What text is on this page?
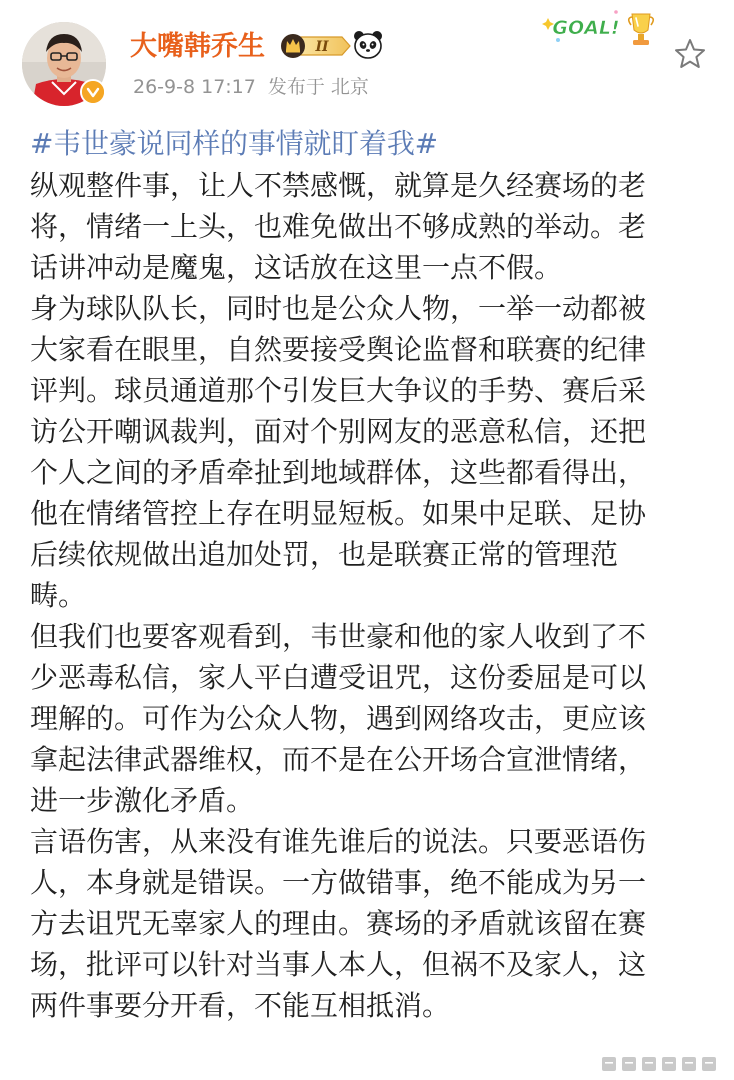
大嘴韩乔生	II
26-9-8 17:17 发布于 北京
GOAL!
#韦世豪说同样的事情就盯着我#

纵观整件事，让人不禁感慨，就算是久经赛场的老
将，情绪一上头，也难免做出不够成熟的举动。老
话讲冲动是魔鬼，这话放在这里一点不假。

身为球队队长，同时也是公众人物，一举一动都被
大家看在眼里，自然要接受舆论监督和联赛的纪律
评判。球员通道那个引发巨大争议的手势、赛后采
访公开嘲讽裁判，面对个别网友的恶意私信，还把
个人之间的矛盾牵扯到地域群体，这些都看得出，
他在情绪管控上存在明显短板。如果中足联、足协
后续依规做出追加处罚，也是联赛正常的管理范
畴。

但我们也要客观看到，韦世豪和他的家人收到了不
少恶毒私信，家人平白遭受诅咒，这份委屈是可以
理解的。可作为公众人物，遇到网络攻击，更应该
拿起法律武器维权，而不是在公开场合宣泄情绪，
进一步激化矛盾。

言语伤害，从来没有谁先谁后的说法。只要恶语伤
人，本身就是错误。一方做错事，绝不能成为另一
方去诅咒无辜家人的理由。赛场的矛盾就该留在赛
场，批评可以针对当事人本人，但祸不及家人，这
两件事要分开看，不能互相抵消。
